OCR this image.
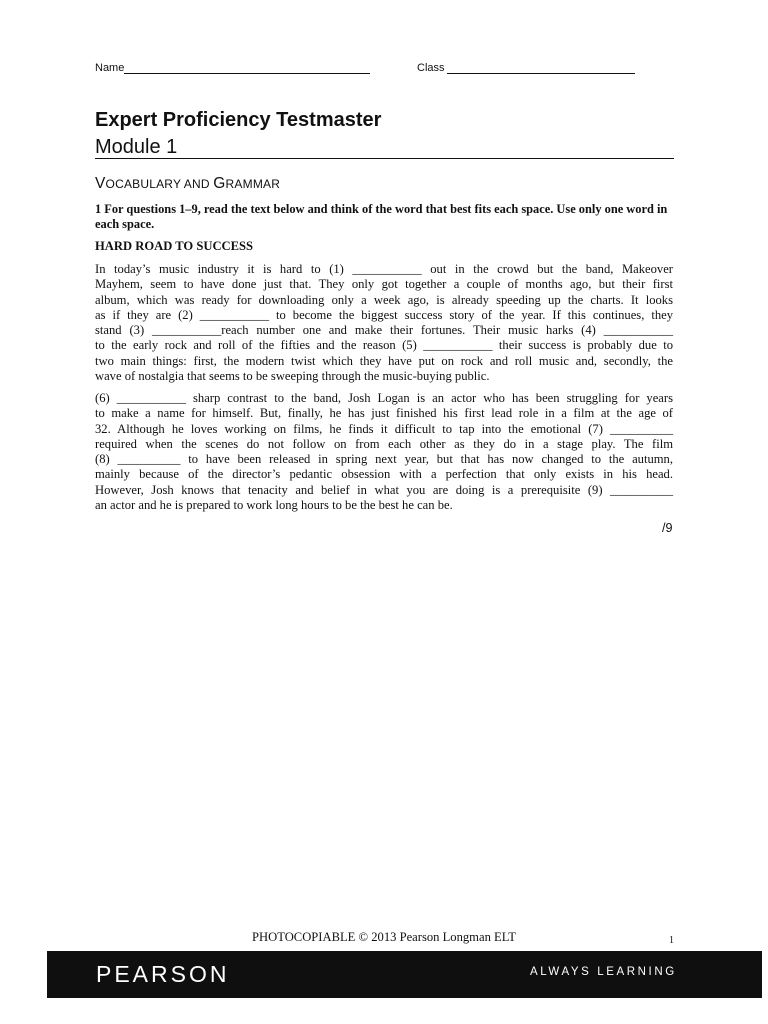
Name	Class
Expert Proficiency Testmaster
Module 1
VOCABULARY AND GRAMMAR
1 For questions 1–9, read the text below and think of the word that best fits each space. Use only one word in each space.
HARD ROAD TO SUCCESS
In today’s music industry it is hard to (1) ___________ out in the crowd but the band, Makeover
Mayhem, seem to have done just that. They only got together a couple of months ago, but their first
album, which was ready for downloading only a week ago, is already speeding up the charts. It looks
as if they are (2) ___________ to become the biggest success story of the year. If this continues, they
stand (3) ___________reach number one and make their fortunes. Their music harks (4) ___________
to the early rock and roll of the fifties and the reason (5) ___________ their success is probably due to
two main things: first, the modern twist which they have put on rock and roll music and, secondly, the
wave of nostalgia that seems to be sweeping through the music-buying public.
(6) ___________ sharp contrast to the band, Josh Logan is an actor who has been struggling for years
to make a name for himself. But, finally, he has just finished his first lead role in a film at the age of
32. Although he loves working on films, he finds it difficult to tap into the emotional (7) __________
required when the scenes do not follow on from each other as they do in a stage play. The film
(8) __________ to have been released in spring next year, but that has now changed to the autumn,
mainly because of the director’s pedantic obsession with a perfection that only exists in his head.
However, Josh knows that tenacity and belief in what you are doing is a prerequisite (9) __________
an actor and he is prepared to work long hours to be the best he can be.
/9
PHOTOCOPIABLE © 2013 Pearson Longman ELT	1
PEARSON	ALWAYS LEARNING
